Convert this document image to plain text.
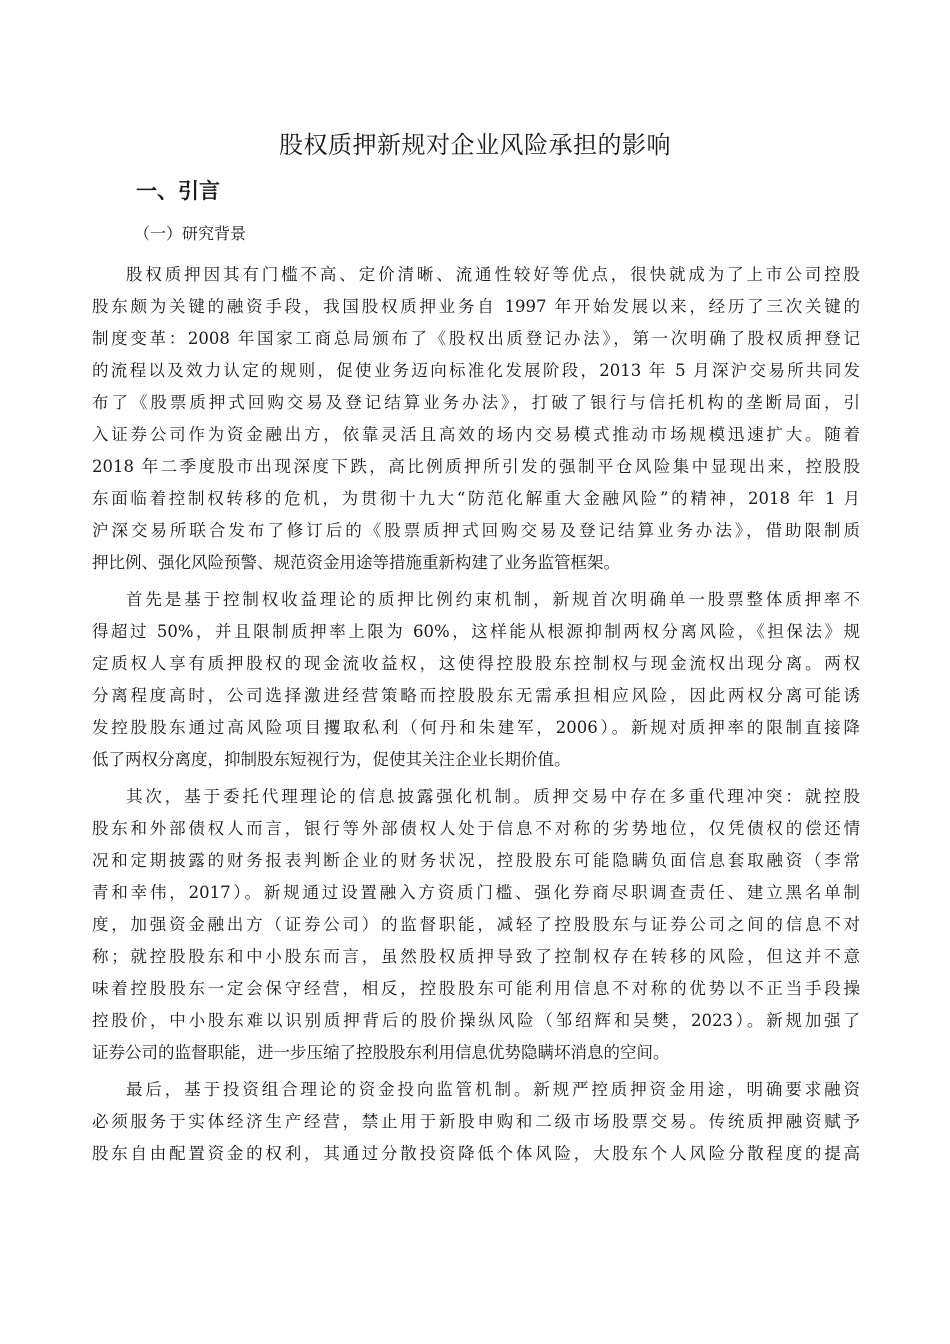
股权质押新规对企业风险承担的影响
一、引言
（一）研究背景
股权质押因其有门槛不高、定价清晰、流通性较好等优点，很快就成为了上市公司控股
股东颇为关键的融资手段，我国股权质押业务自 1997 年开始发展以来，经历了三次关键的
制度变革：2008 年国家工商总局颁布了《股权出质登记办法》，第一次明确了股权质押登记
的流程以及效力认定的规则，促使业务迈向标准化发展阶段，2013 年 5 月深沪交易所共同发
布了《股票质押式回购交易及登记结算业务办法》，打破了银行与信托机构的垄断局面，引
入证券公司作为资金融出方，依靠灵活且高效的场内交易模式推动市场规模迅速扩大。随着
2018 年二季度股市出现深度下跌，高比例质押所引发的强制平仓风险集中显现出来，控股股
东面临着控制权转移的危机，为贯彻十九大“防范化解重大金融风险”的精神，2018 年 1 月
沪深交易所联合发布了修订后的《股票质押式回购交易及登记结算业务办法》，借助限制质
押比例、强化风险预警、规范资金用途等措施重新构建了业务监管框架。
首先是基于控制权收益理论的质押比例约束机制，新规首次明确单一股票整体质押率不
得超过 50%，并且限制质押率上限为 60%，这样能从根源抑制两权分离风险，《担保法》规
定质权人享有质押股权的现金流收益权，这使得控股股东控制权与现金流权出现分离。两权
分离程度高时，公司选择激进经营策略而控股股东无需承担相应风险，因此两权分离可能诱
发控股股东通过高风险项目攫取私利（何丹和朱建军，2006）。新规对质押率的限制直接降
低了两权分离度，抑制股东短视行为，促使其关注企业长期价值。
其次，基于委托代理理论的信息披露强化机制。质押交易中存在多重代理冲突：就控股
股东和外部债权人而言，银行等外部债权人处于信息不对称的劣势地位，仅凭债权的偿还情
况和定期披露的财务报表判断企业的财务状况，控股股东可能隐瞒负面信息套取融资（李常
青和幸伟，2017）。新规通过设置融入方资质门槛、强化券商尽职调查责任、建立黑名单制
度，加强资金融出方（证券公司）的监督职能，减轻了控股股东与证券公司之间的信息不对
称；就控股股东和中小股东而言，虽然股权质押导致了控制权存在转移的风险，但这并不意
味着控股股东一定会保守经营，相反，控股股东可能利用信息不对称的优势以不正当手段操
控股价，中小股东难以识别质押背后的股价操纵风险（邹绍辉和吴樊，2023）。新规加强了
证券公司的监督职能，进一步压缩了控股股东利用信息优势隐瞒坏消息的空间。
最后，基于投资组合理论的资金投向监管机制。新规严控质押资金用途，明确要求融资
必须服务于实体经济生产经营，禁止用于新股申购和二级市场股票交易。传统质押融资赋予
股东自由配置资金的权利，其通过分散投资降低个体风险，大股东个人风险分散程度的提高
